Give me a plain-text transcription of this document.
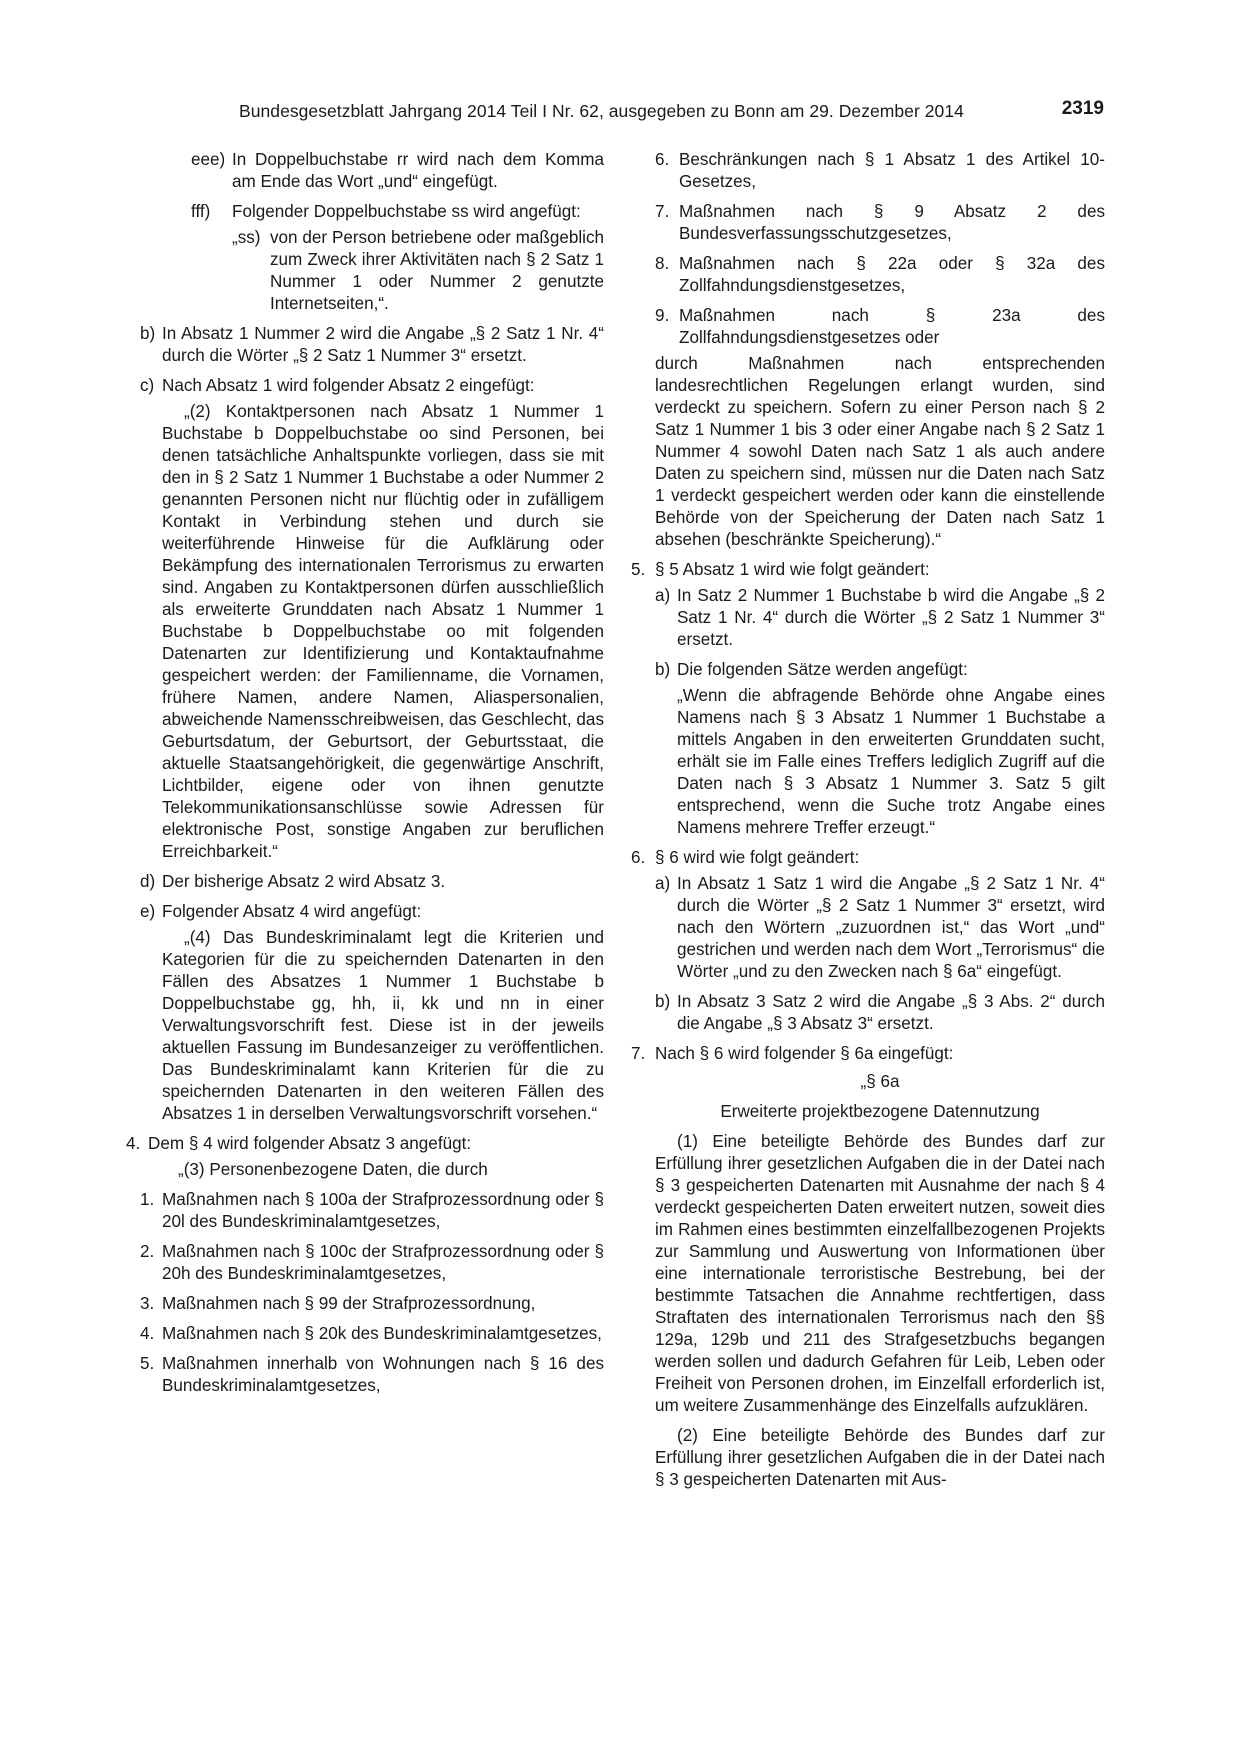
Bundesgesetzblatt Jahrgang 2014 Teil I Nr. 62, ausgegeben zu Bonn am 29. Dezember 2014	2319
eee) In Doppelbuchstabe rr wird nach dem Komma am Ende das Wort „und“ eingefügt.
fff)	Folgender Doppelbuchstabe ss wird angefügt:
„ss) von der Person betriebene oder maßgeblich zum Zweck ihrer Aktivitäten nach § 2 Satz 1 Nummer 1 oder Nummer 2 genutzte Internetseiten,“.
b) In Absatz 1 Nummer 2 wird die Angabe „§ 2 Satz 1 Nr. 4“ durch die Wörter „§ 2 Satz 1 Nummer 3“ ersetzt.
c) Nach Absatz 1 wird folgender Absatz 2 eingefügt:
„(2) Kontaktpersonen nach Absatz 1 Nummer 1 Buchstabe b Doppelbuchstabe oo sind Personen, bei denen tatsächliche Anhaltspunkte vorliegen, dass sie mit den in § 2 Satz 1 Nummer 1 Buchstabe a oder Nummer 2 genannten Personen nicht nur flüchtig oder in zufälligem Kontakt in Verbindung stehen und durch sie weiterführende Hinweise für die Aufklärung oder Bekämpfung des internationalen Terrorismus zu erwarten sind. Angaben zu Kontaktpersonen dürfen ausschließlich als erweiterte Grunddaten nach Absatz 1 Nummer 1 Buchstabe b Doppelbuchstabe oo mit folgenden Datenarten zur Identifizierung und Kontaktaufnahme gespeichert werden: der Familienname, die Vornamen, frühere Namen, andere Namen, Aliaspersonalien, abweichende Namensschreibweisen, das Geschlecht, das Geburtsdatum, der Geburtsort, der Geburtsstaat, die aktuelle Staatsangehörigkeit, die gegenwärtige Anschrift, Lichtbilder, eigene oder von ihnen genutzte Telekommunikationsanschlüsse sowie Adressen für elektronische Post, sonstige Angaben zur beruflichen Erreichbarkeit.“
d) Der bisherige Absatz 2 wird Absatz 3.
e) Folgender Absatz 4 wird angefügt:
„(4) Das Bundeskriminalamt legt die Kriterien und Kategorien für die zu speichernden Datenarten in den Fällen des Absatzes 1 Nummer 1 Buchstabe b Doppelbuchstabe gg, hh, ii, kk und nn in einer Verwaltungsvorschrift fest. Diese ist in der jeweils aktuellen Fassung im Bundesanzeiger zu veröffentlichen. Das Bundeskriminalamt kann Kriterien für die zu speichernden Datenarten in den weiteren Fällen des Absatzes 1 in derselben Verwaltungsvorschrift vorsehen.“
4. Dem § 4 wird folgender Absatz 3 angefügt:
„(3) Personenbezogene Daten, die durch
1. Maßnahmen nach § 100a der Strafprozessordnung oder § 20l des Bundeskriminalamtgesetzes,
2. Maßnahmen nach § 100c der Strafprozessordnung oder § 20h des Bundeskriminalamtgesetzes,
3. Maßnahmen nach § 99 der Strafprozessordnung,
4. Maßnahmen nach § 20k des Bundeskriminalamtgesetzes,
5. Maßnahmen innerhalb von Wohnungen nach § 16 des Bundeskriminalamtgesetzes,
6. Beschränkungen nach § 1 Absatz 1 des Artikel 10-Gesetzes,
7. Maßnahmen nach § 9 Absatz 2 des Bundesverfassungsschutzgesetzes,
8. Maßnahmen nach § 22a oder § 32a des Zollfahndungsdienstgesetzes,
9. Maßnahmen nach § 23a des Zollfahndungsdienstgesetzes oder
durch Maßnahmen nach entsprechenden landesrechtlichen Regelungen erlangt wurden, sind verdeckt zu speichern. Sofern zu einer Person nach § 2 Satz 1 Nummer 1 bis 3 oder einer Angabe nach § 2 Satz 1 Nummer 4 sowohl Daten nach Satz 1 als auch andere Daten zu speichern sind, müssen nur die Daten nach Satz 1 verdeckt gespeichert werden oder kann die einstellende Behörde von der Speicherung der Daten nach Satz 1 absehen (beschränkte Speicherung).“
5. § 5 Absatz 1 wird wie folgt geändert:
a) In Satz 2 Nummer 1 Buchstabe b wird die Angabe „§ 2 Satz 1 Nr. 4“ durch die Wörter „§ 2 Satz 1 Nummer 3“ ersetzt.
b) Die folgenden Sätze werden angefügt:
„Wenn die abfragende Behörde ohne Angabe eines Namens nach § 3 Absatz 1 Nummer 1 Buchstabe a mittels Angaben in den erweiterten Grunddaten sucht, erhält sie im Falle eines Treffers lediglich Zugriff auf die Daten nach § 3 Absatz 1 Nummer 3. Satz 5 gilt entsprechend, wenn die Suche trotz Angabe eines Namens mehrere Treffer erzeugt.“
6. § 6 wird wie folgt geändert:
a) In Absatz 1 Satz 1 wird die Angabe „§ 2 Satz 1 Nr. 4“ durch die Wörter „§ 2 Satz 1 Nummer 3“ ersetzt, wird nach den Wörtern „zuzuordnen ist,“ das Wort „und“ gestrichen und werden nach dem Wort „Terrorismus“ die Wörter „und zu den Zwecken nach § 6a“ eingefügt.
b) In Absatz 3 Satz 2 wird die Angabe „§ 3 Abs. 2“ durch die Angabe „§ 3 Absatz 3“ ersetzt.
7. Nach § 6 wird folgender § 6a eingefügt:
„§ 6a
Erweiterte projektbezogene Datennutzung
(1) Eine beteiligte Behörde des Bundes darf zur Erfüllung ihrer gesetzlichen Aufgaben die in der Datei nach § 3 gespeicherten Datenarten mit Ausnahme der nach § 4 verdeckt gespeicherten Daten erweitert nutzen, soweit dies im Rahmen eines bestimmten einzelfallbezogenen Projekts zur Sammlung und Auswertung von Informationen über eine internationale terroristische Bestrebung, bei der bestimmte Tatsachen die Annahme rechtfertigen, dass Straftaten des internationalen Terrorismus nach den §§ 129a, 129b und 211 des Strafgesetzbuchs begangen werden sollen und dadurch Gefahren für Leib, Leben oder Freiheit von Personen drohen, im Einzelfall erforderlich ist, um weitere Zusammenhänge des Einzelfalls aufzuklären.
(2) Eine beteiligte Behörde des Bundes darf zur Erfüllung ihrer gesetzlichen Aufgaben die in der Datei nach § 3 gespeicherten Datenarten mit Aus-
